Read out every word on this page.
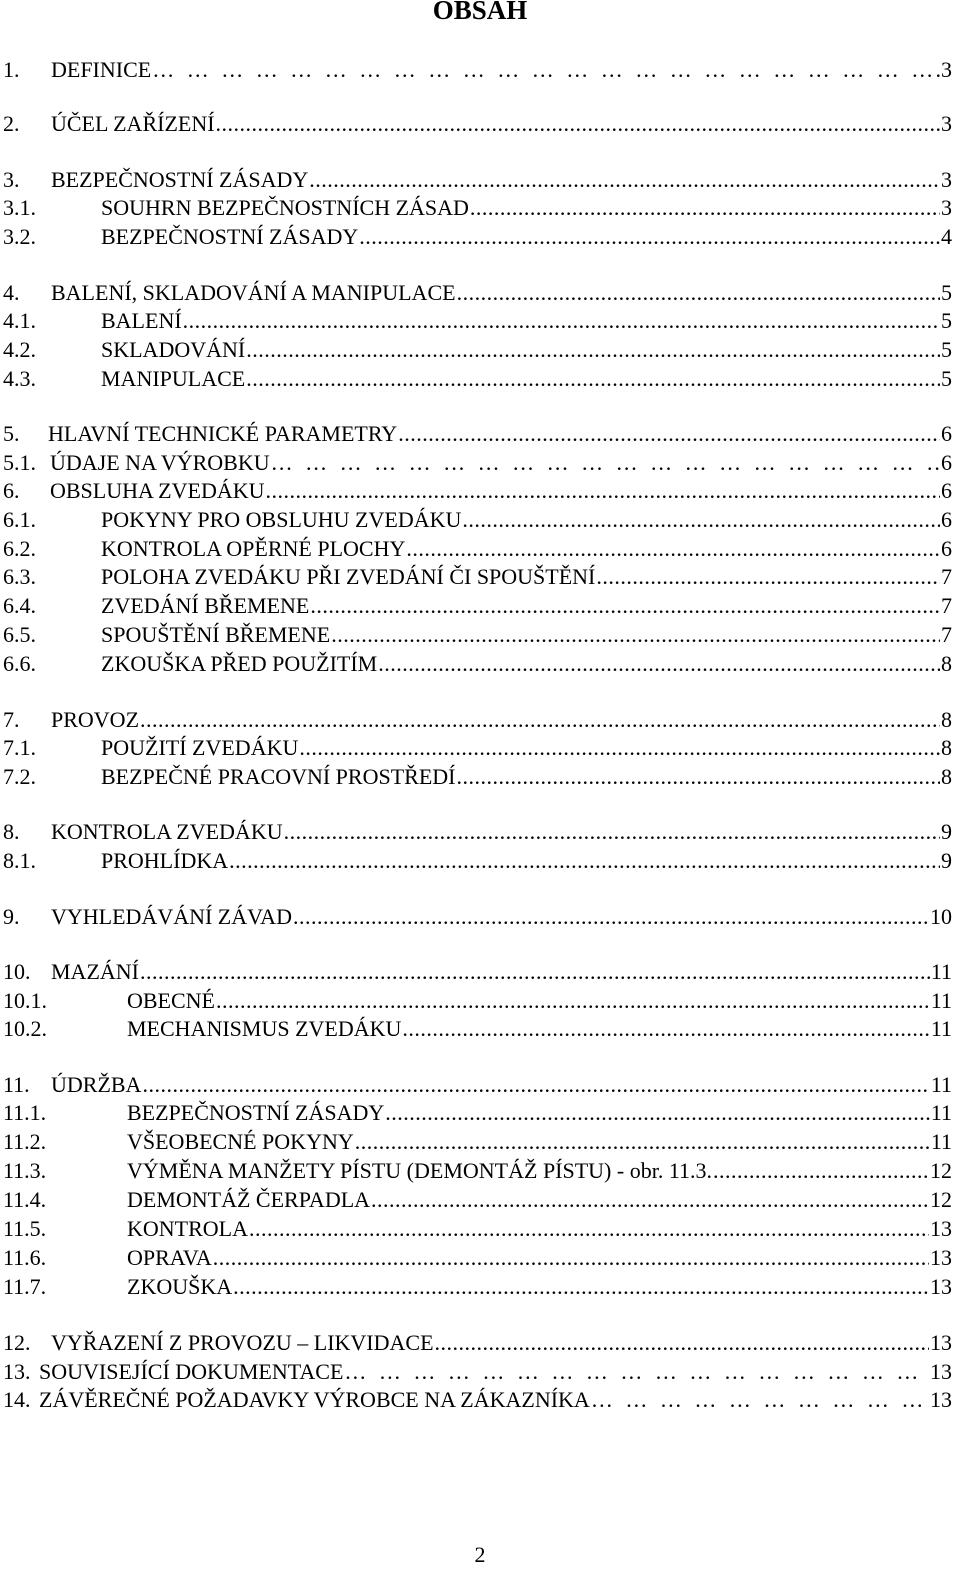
OBSAH
1.	DEFINICE …  …  …  …  …  …  …  …  …  …  …  …  …  …  …  …  …  …  …  …  …  …  …  …  …  …  …	.3
2.	ÚČEL ZAŘÍZENÍ .....	3
3.	BEZPEČNOSTNÍ ZÁSADY .....	3
3.1.	SOUHRN BEZPEČNOSTNÍCH ZÁSAD .....	3
3.2.	BEZPEČNOSTNÍ ZÁSADY .....	4
4.	BALENÍ, SKLADOVÁNÍ A MANIPULACE .....	5
4.1.	BALENÍ .....	5
4.2.	SKLADOVÁNÍ .....	5
4.3.	MANIPULACE .....	5
5.	HLAVNÍ TECHNICKÉ PARAMETRY .....	6
5.1. ÚDAJE NA VÝROBKU …  …  …  …  …  …  …  …  …  …  …  …  …  …  …  …  …  …  …  …  …  …  …  …  …  …  …	6
6.	OBSLUHA ZVEDÁKU .....	6
6.1.	POKYNY PRO OBSLUHU ZVEDÁKU .....	6
6.2.	KONTROLA OPĚRNÉ PLOCHY .....	6
6.3.	POLOHA ZVEDÁKU PŘI ZVEDÁNÍ ČI SPOUŠTĚNÍ .....	7
6.4.	ZVEDÁNÍ BŘEMENE .....	7
6.5.	SPOUŠTĚNÍ BŘEMENE .....	7
6.6.	ZKOUŠKA PŘED POUŽITÍM .....	8
7.	PROVOZ .....	8
7.1.	POUŽITÍ ZVEDÁKU .....	8
7.2.	BEZPEČNÉ PRACOVNÍ PROSTŘEDÍ .....	8
8.	KONTROLA ZVEDÁKU .....	9
8.1.	PROHLÍDKA .....	9
9.	VYHLEDÁVÁNÍ ZÁVAD .....	10
10. MAZÁNÍ .....	11
10.1.	OBECNÉ .....	11
10.2.	MECHANISMUS ZVEDÁKU .....	11
11. ÚDRŽBA .....	11
11.1.	BEZPEČNOSTNÍ ZÁSADY .....	11
11.2.	VŠEOBECNÉ POKYNY .....	11
11.3.	VÝMĚNA MANŽETY PÍSTU (DEMONTÁŽ PÍSTU) - obr. 11.3. .....	12
11.4.	DEMONTÁŽ ČERPADLA .....	12
11.5.	KONTROLA .....	13
11.6.	OPRAVA .....	13
11.7.	ZKOUŠKA .....	13
12. VYŘAZENÍ Z PROVOZU – LIKVIDACE .....	13
13. SOUVISEJÍCÍ DOKUMENTACE …  …  …  …  …  …  …  …  …  …  …  …  …  …  …  …  …  …  …  …  …  …  …  …  …  …  …	13
14. ZÁVĚREČNÉ POŽADAVKY VÝROBCE NA ZÁKAZNÍKA …  …  …  …  …  …  …  …  …  …  …  …  …  …  …  …  …  …  …  …  …  …  …  …  …  …  …	13
2
